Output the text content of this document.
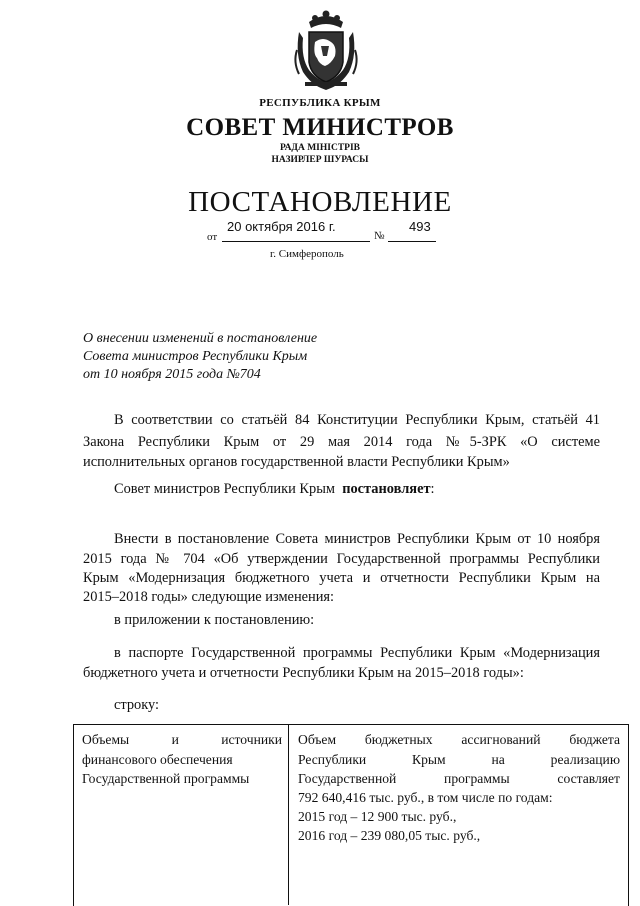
РЕСПУБЛИКА КРЫМ
СОВЕТ МИНИСТРОВ
РАДА МІНІСТРІВ
НАЗИРЛЕР ШУРАСЫ
ПОСТАНОВЛЕНИЕ
от
20 октября 2016 г.
№
493
г. Симферополь
О внесении изменений в постановление
Совета министров Республики Крым
от 10 ноября 2015 года №704
В соответствии со статьёй 84 Конституции Республики Крым, статьёй 41
Закона Республики Крым от 29 мая 2014 года №5-ЗРК «О системе
исполнительных органов государственной власти Республики Крым»
Совет министров Республики Крым постановляет:
Внести в постановление Совета министров Республики Крым от 10 ноября
2015 года № 704 «Об утверждении Государственной программы Республики
Крым «Модернизация бюджетного учета и отчетности Республики Крым на
2015–2018 годы» следующие изменения:
в приложении к постановлению:
в паспорте Государственной программы Республики Крым «Модернизация
бюджетного учета и отчетности Республики Крым на 2015–2018 годы»:
строку:
Объемы и источники
финансового обеспечения
Государственной программы
Объем бюджетных ассигнований бюджета
Республики Крым на реализацию
Государственной программы составляет
792 640,416 тыс. руб., в том числе по годам:
2015 год – 12 900 тыс. руб.,
2016 год – 239 080,05 тыс. руб.,
